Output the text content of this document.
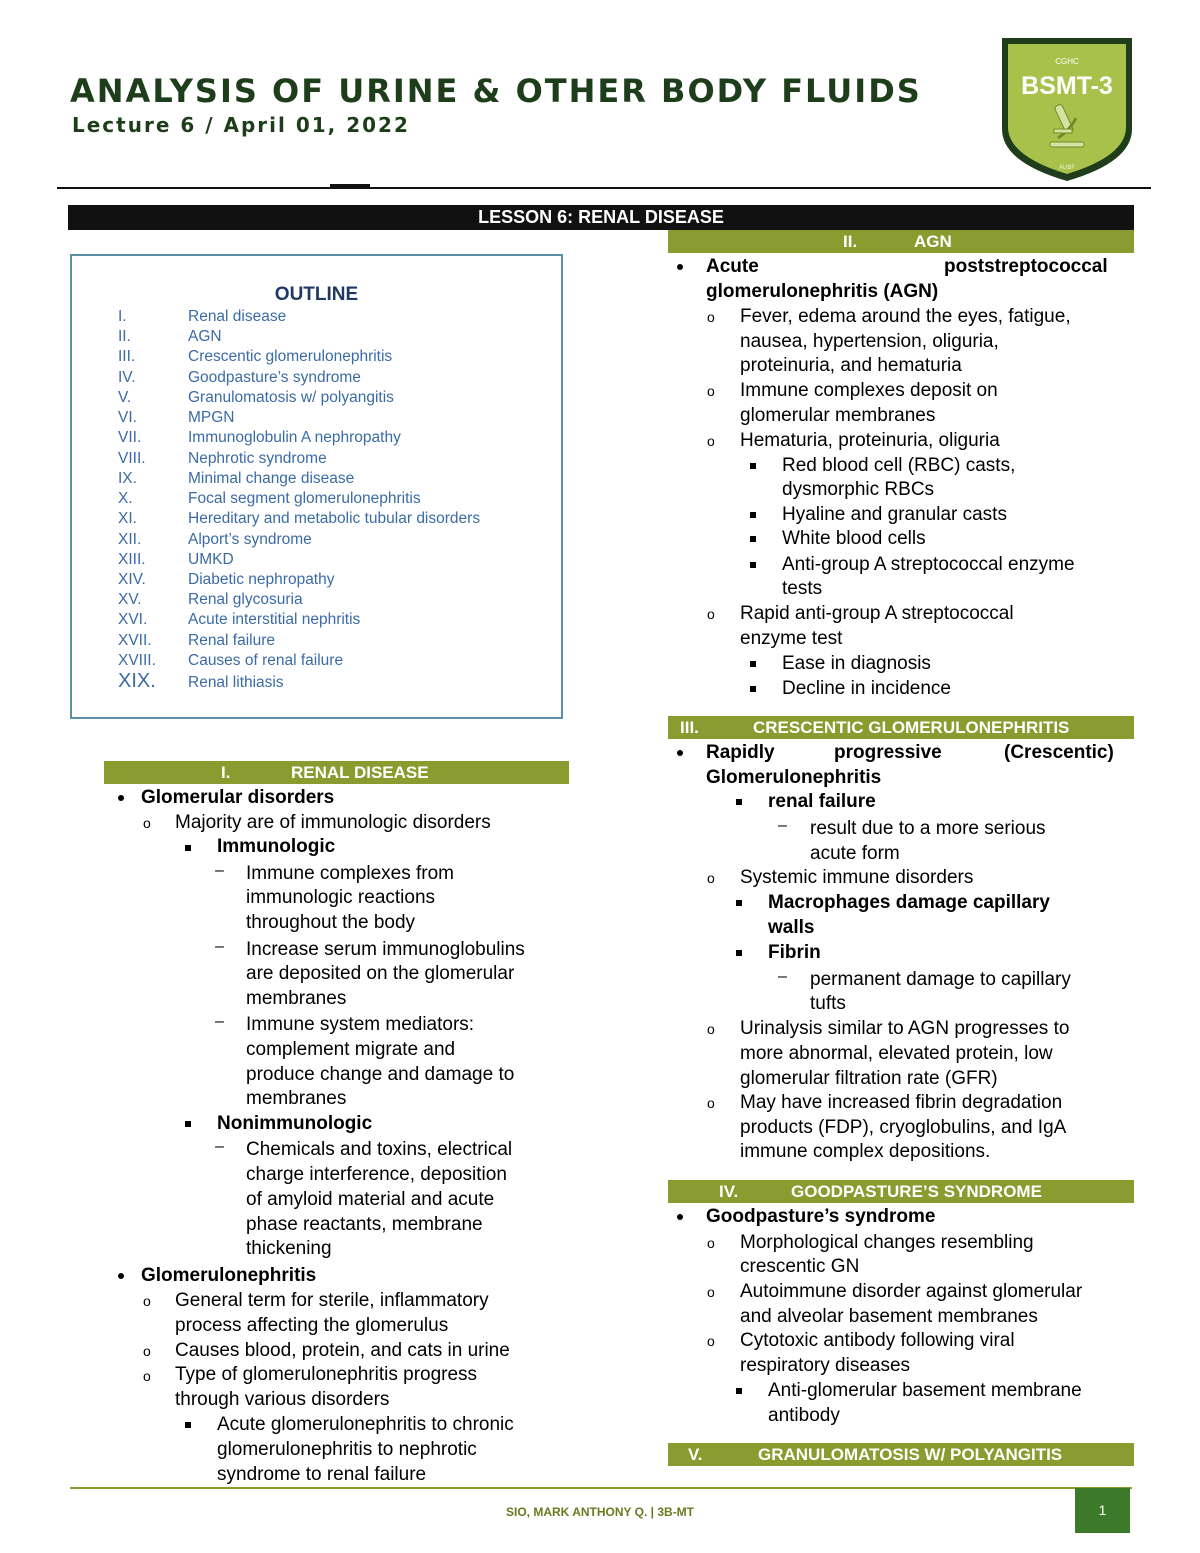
ANALYSIS OF URINE & OTHER BODY FLUIDS
Lecture 6 / April 01, 2022
CGHC
BSMT-3
AUBF
LESSON 6: RENAL DISEASE
OUTLINE
I.	Renal disease
II.	AGN
III.	Crescentic glomerulonephritis
IV.	Goodpasture’s syndrome
V.	Granulomatosis w/ polyangitis
VI.	MPGN
VII.	Immunoglobulin A nephropathy
VIII.	Nephrotic syndrome
IX.	Minimal change disease
X.	Focal segment glomerulonephritis
XI.	Hereditary and metabolic tubular disorders
XII.	Alport’s syndrome
XIII.	UMKD
XIV.	Diabetic nephropathy
XV.	Renal glycosuria
XVI.	Acute interstitial nephritis
XVII. Renal failure
XVIII. Causes of renal failure
XIX. Renal lithiasis
I.	RENAL DISEASE
II.	AGN
III.	CRESCENTIC GLOMERULONEPHRITIS
IV.	GOODPASTURE’S SYNDROME
V.	GRANULOMATOSIS W/ POLYANGITIS
Glomerular disorders
o Majority are of immunologic disorders
Immunologic
– Immune complexes from
immunologic reactions
throughout the body
– Increase serum immunoglobulins
are deposited on the glomerular
membranes
– Immune system mediators:
complement migrate and
produce change and damage to
membranes
Nonimmunologic
– Chemicals and toxins, electrical
charge interference, deposition
of amyloid material and acute
phase reactants, membrane
thickening
Glomerulonephritis
o General term for sterile, inflammatory
process affecting the glomerulus
o Causes blood, protein, and cats in urine
o Type of glomerulonephritis progress
through various disorders
Acute glomerulonephritis to chronic
glomerulonephritis to nephrotic
syndrome to renal failure
Acute	poststreptococcal
glomerulonephritis (AGN)
o Fever, edema around the eyes, fatigue,
nausea, hypertension, oliguria,
proteinuria, and hematuria
o Immune complexes deposit on
glomerular membranes
o Hematuria, proteinuria, oliguria
Red blood cell (RBC) casts,
dysmorphic RBCs
Hyaline and granular casts
White blood cells
Anti-group A streptococcal enzyme
tests
o Rapid anti-group A streptococcal
enzyme test
Ease in diagnosis
Decline in incidence
Rapidly	progressive	(Crescentic)
Glomerulonephritis
renal failure
– result due to a more serious
acute form
o Systemic immune disorders
Macrophages damage capillary
walls
Fibrin
– permanent damage to capillary
tufts
o Urinalysis similar to AGN progresses to
more abnormal, elevated protein, low
glomerular filtration rate (GFR)
o May have increased fibrin degradation
products (FDP), cryoglobulins, and IgA
immune complex depositions.
Goodpasture’s syndrome
o Morphological changes resembling
crescentic GN
o Autoimmune disorder against glomerular
and alveolar basement membranes
o Cytotoxic antibody following viral
respiratory diseases
Anti-glomerular basement membrane
antibody
SIO, MARK ANTHONY Q. | 3B-MT	1
